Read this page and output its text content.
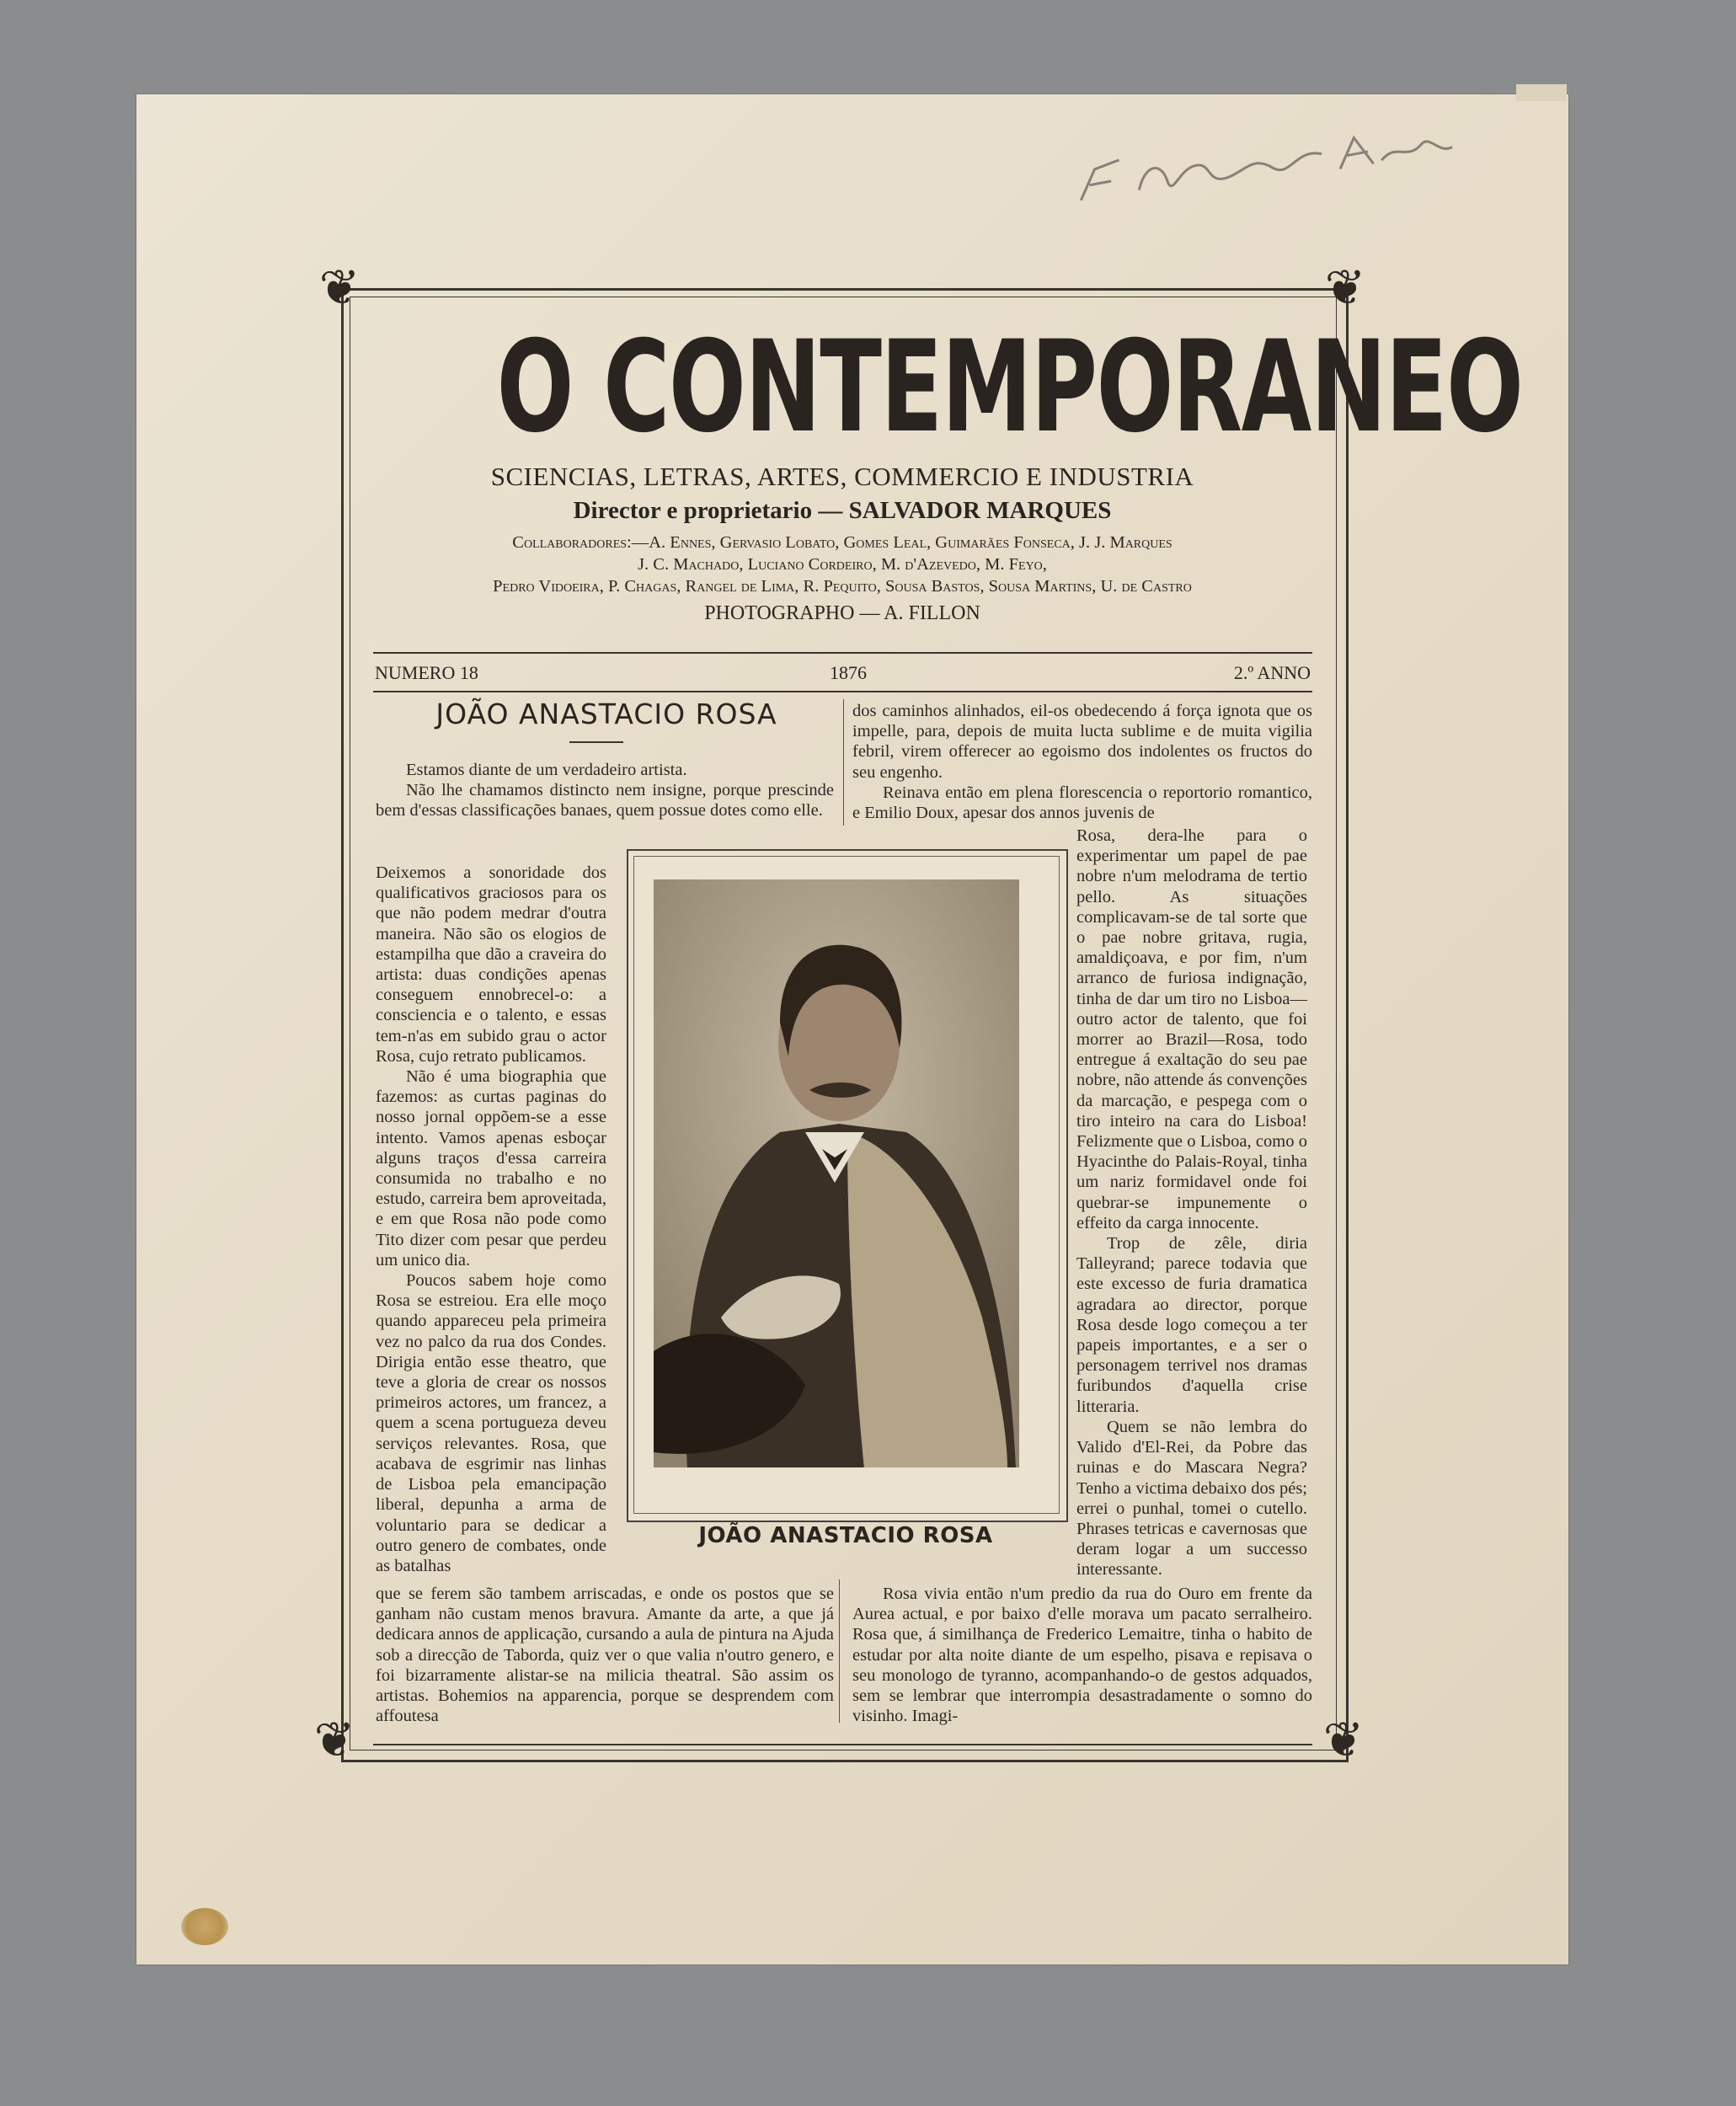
❦	❦
❦	❦
O CONTEMPORANEO
SCIENCIAS, LETRAS, ARTES, COMMERCIO E INDUSTRIA
Director e proprietario — SALVADOR MARQUES
Collaboradores:—A. Ennes, Gervasio Lobato, Gomes Leal, Guimarães Fonseca, J. J. Marques
J. C. Machado, Luciano Cordeiro, M. d'Azevedo, M. Feyo,
Pedro Vidoeira, P. Chagas, Rangel de Lima, R. Pequito, Sousa Bastos, Sousa Martins, U. de Castro
PHOTOGRAPHO — A. FILLON
NUMERO 18	1876	2.º ANNO
JOÃO ANASTACIO ROSA

Estamos diante de um verdadeiro artista.

Não lhe chamamos distincto nem insigne, porque prescinde bem d'essas classificações banaes, quem possue dotes como elle.

Deixemos a sonoridade dos qualificativos graciosos para os que não podem medrar d'outra maneira. Não são os elogios de estampilha que dão a craveira do artista: duas condições apenas conseguem ennobrecel-o: a consciencia e o talento, e essas tem-n'as em subido grau o actor Rosa, cujo retrato publicamos.

Não é uma biographia que fazemos: as curtas paginas do nosso jornal oppõem-se a esse intento. Vamos apenas esboçar alguns traços d'essa carreira consumida no trabalho e no estudo, carreira bem aproveitada, e em que Rosa não pode como Tito dizer com pesar que perdeu um unico dia.

Poucos sabem hoje como Rosa se estreiou. Era elle moço quando appareceu pela primeira vez no palco da rua dos Condes. Dirigia então esse theatro, que teve a gloria de crear os nossos primeiros actores, um francez, a quem a scena portugueza deveu serviços relevantes. Rosa, que acabava de esgrimir nas linhas de Lisboa pela emancipação liberal, depunha a arma de voluntario para se dedicar a outro genero de combates, onde as batalhas

que se ferem são tambem arriscadas, e onde os postos que se ganham não custam menos bravura. Amante da arte, a que já dedicara annos de applicação, cursando a aula de pintura na Ajuda sob a direcção de Taborda, quiz ver o que valia n'outro genero, e foi bizarramente alistar-se na milicia theatral. São assim os artistas. Bohemios na apparencia, porque se desprendem com affoutesa

dos caminhos alinhados, eil-os obedecendo á força ignota que os impelle, para, depois de muita lucta sublime e de muita vigilia febril, virem offerecer ao egoismo dos indolentes os fructos do seu engenho.

Reinava então em plena florescencia o reportorio romantico, e Emilio Doux, apesar dos annos juvenis de

Rosa, dera-lhe para o experimentar um papel de pae nobre n'um melodrama de tertio pello. As situações complicavam-se de tal sorte que o pae nobre gritava, rugia, amaldiçoava, e por fim, n'um arranco de furiosa indignação, tinha de dar um tiro no Lisboa—outro actor de talento, que foi morrer ao Brazil—Rosa, todo entregue á exaltação do seu pae nobre, não attende ás convenções da marcação, e pespega com o tiro inteiro na cara do Lisboa! Felizmente que o Lisboa, como o Hyacinthe do Palais-Royal, tinha um nariz formidavel onde foi quebrar-se impunemente o effeito da carga innocente.

Trop de zêle, diria Talleyrand; parece todavia que este excesso de furia dramatica agradara ao director, porque Rosa desde logo começou a ter papeis importantes, e a ser o personagem terrivel nos dramas furibundos d'aquella crise litteraria.

Quem se não lembra do Valido d'El-Rei, da Pobre das ruinas e do Mascara Negra? Tenho a victima debaixo dos pés; errei o punhal, tomei o cutello. Phrases tetricas e cavernosas que deram logar a um successo interessante.

Rosa vivia então n'um predio da rua do Ouro em frente da Aurea actual, e por baixo d'elle morava um pacato serralheiro. Rosa que, á similhança de Frederico Lemaitre, tinha o habito de estudar por alta noite diante de um espelho, pisava e repisava o seu monologo de tyranno, acompanhando-o de gestos adquados, sem se lembrar que interrompia desastradamente o somno do visinho. Imagi-

JOÃO ANASTACIO ROSA
